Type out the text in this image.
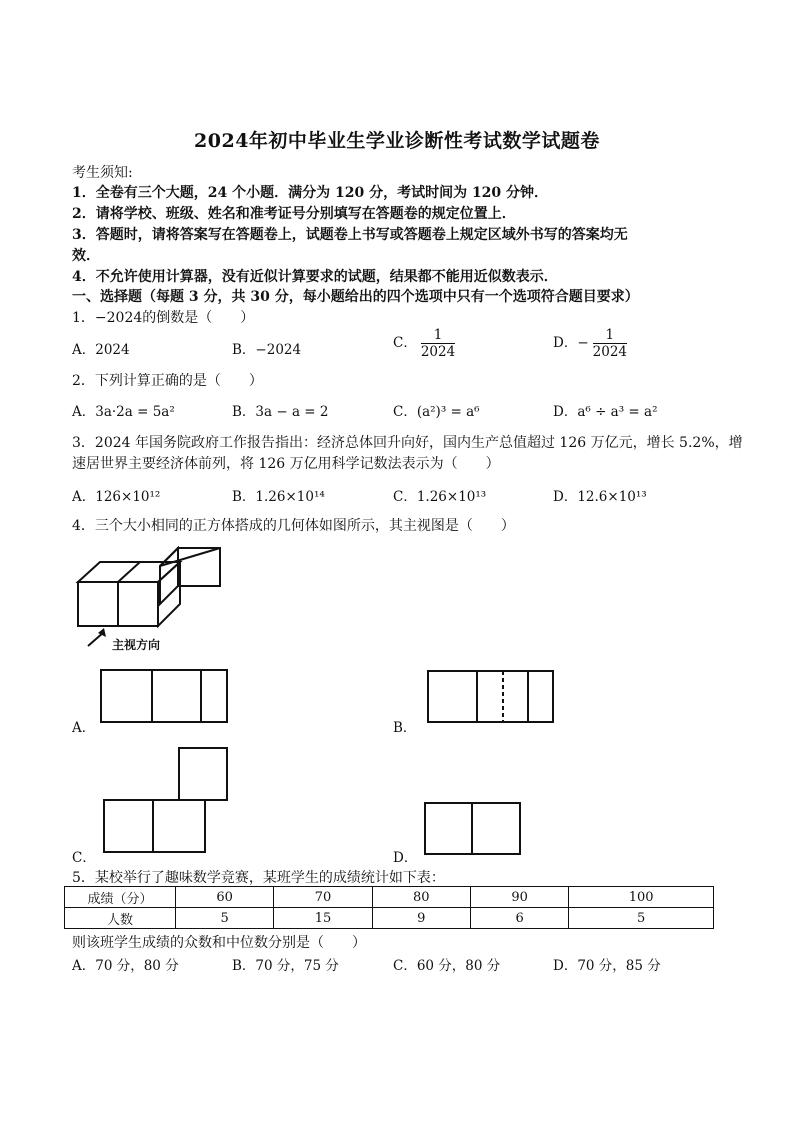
2024年初中毕业生学业诊断性考试数学试题卷
考生须知:
1．全卷有三个大题，24 个小题．满分为 120 分，考试时间为 120 分钟．
2．请将学校、班级、姓名和准考证号分别填写在答题卷的规定位置上．
3．答题时，请将答案写在答题卷上，试题卷上书写或答题卷上规定区域外书写的答案均无
效．
4．不允许使用计算器，没有近似计算要求的试题，结果都不能用近似数表示．
一、选择题（每题 3 分，共 30 分，每小题给出的四个选项中只有一个选项符合题目要求）
1．−2024的倒数是（　　）
A．2024	B．−2024	C． $\frac{1}{2024}$	D．− $\frac{1}{2024}$
2．下列计算正确的是（　　）
A．3a·2a = 5a²	B．3a − a = 2	C．(a²)³ = a⁶	D．a⁶ ÷ a³ = a²
3．2024 年国务院政府工作报告指出：经济总体回升向好，国内生产总值超过 126 万亿元，增长 5.2%，增
速居世界主要经济体前列，将 126 万亿用科学记数法表示为（　　）
A．126×10¹²	B．1.26×10¹⁴	C．1.26×10¹³	D．12.6×10¹³
4．三个大小相同的正方体搭成的几何体如图所示，其主视图是（　　）
主视方向
A．	B．
C．	D．
5．某校举行了趣味数学竞赛，某班学生的成绩统计如下表：
成绩（分）	60	70	80	90	100
人数	5	15	9	6	5
则该班学生成绩的众数和中位数分别是（　　）
A．70 分，80 分	B．70 分，75 分	C．60 分，80 分	D．70 分，85 分
